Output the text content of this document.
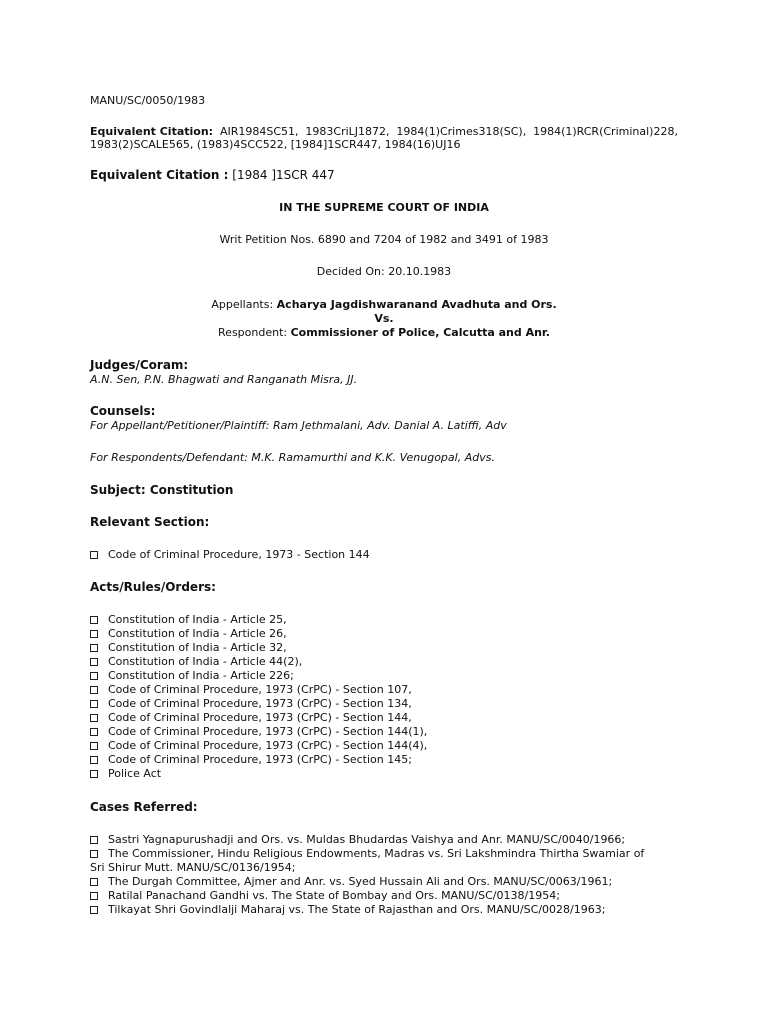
MANU/SC/0050/1983
Equivalent Citation: AIR1984SC51, 1983CriLJ1872, 1984(1)Crimes318(SC), 1984(1)RCR(Criminal)228,
1983(2)SCALE565, (1983)4SCC522, [1984]1SCR447, 1984(16)UJ16
Equivalent Citation : [1984 ]1SCR 447
IN THE SUPREME COURT OF INDIA
Writ Petition Nos. 6890 and 7204 of 1982 and 3491 of 1983
Decided On: 20.10.1983
Appellants: Acharya Jagdishwaranand Avadhuta and Ors.
Vs.
Respondent: Commissioner of Police, Calcutta and Anr.
Judges/Coram:
A.N. Sen, P.N. Bhagwati and Ranganath Misra, JJ.
Counsels:
For Appellant/Petitioner/Plaintiff: Ram Jethmalani, Adv. Danial A. Latiffi, Adv
For Respondents/Defendant: M.K. Ramamurthi and K.K. Venugopal, Advs.
Subject: Constitution
Relevant Section:
Code of Criminal Procedure, 1973 - Section 144
Acts/Rules/Orders:
Constitution of India - Article 25,
Constitution of India - Article 26,
Constitution of India - Article 32,
Constitution of India - Article 44(2),
Constitution of India - Article 226;
Code of Criminal Procedure, 1973 (CrPC) - Section 107,
Code of Criminal Procedure, 1973 (CrPC) - Section 134,
Code of Criminal Procedure, 1973 (CrPC) - Section 144,
Code of Criminal Procedure, 1973 (CrPC) - Section 144(1),
Code of Criminal Procedure, 1973 (CrPC) - Section 144(4),
Code of Criminal Procedure, 1973 (CrPC) - Section 145;
Police Act
Cases Referred:
Sastri Yagnapurushadji and Ors. vs. Muldas Bhudardas Vaishya and Anr. MANU/SC/0040/1966;
The Commissioner, Hindu Religious Endowments, Madras vs. Sri Lakshmindra Thirtha Swamiar of
Sri Shirur Mutt. MANU/SC/0136/1954;
The Durgah Committee, Ajmer and Anr. vs. Syed Hussain Ali and Ors. MANU/SC/0063/1961;
Ratilal Panachand Gandhi vs. The State of Bombay and Ors. MANU/SC/0138/1954;
Tilkayat Shri Govindlalji Maharaj vs. The State of Rajasthan and Ors. MANU/SC/0028/1963;
